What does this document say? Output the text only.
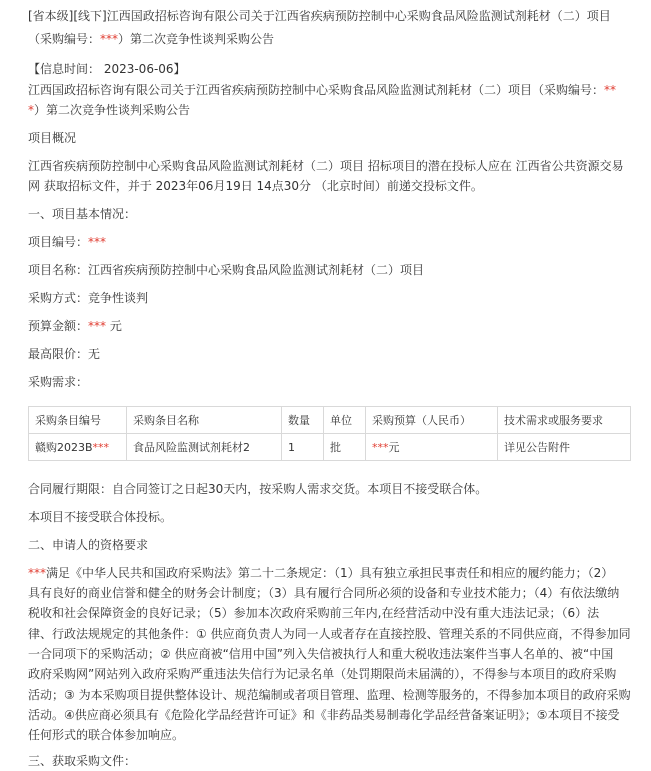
[省本级][线下]江西国政招标咨询有限公司关于江西省疾病预防控制中心采购食品风险监测试剂耗材（二）项目
（采购编号：***）第二次竞争性谈判采购公告
【信息时间： 2023-06-06】
江西国政招标咨询有限公司关于江西省疾病预防控制中心采购食品风险监测试剂耗材（二）项目（采购编号：**
*）第二次竞争性谈判采购公告
项目概况
江西省疾病预防控制中心采购食品风险监测试剂耗材（二）项目 招标项目的潜在投标人应在 江西省公共资源交易
网 获取招标文件，并于 2023年06月19日 14点30分 （北京时间）前递交投标文件。
一、项目基本情况：
项目编号：***
项目名称：江西省疾病预防控制中心采购食品风险监测试剂耗材（二）项目
采购方式：竞争性谈判
预算金额：*** 元
最高限价：无
采购需求：
采购条目编号	采购条目名称	数量	单位	采购预算（人民币）	技术需求或服务要求
赣购2023B***	食品风险监测试剂耗材2	1	批	***元	详见公告附件
合同履行期限：自合同签订之日起30天内，按采购人需求交货。本项目不接受联合体。
本项目不接受联合体投标。
二、申请人的资格要求
***满足《中华人民共和国政府采购法》第二十二条规定：（1）具有独立承担民事责任和相应的履约能力；（2）
具有良好的商业信誉和健全的财务会计制度；（3）具有履行合同所必须的设备和专业技术能力；（4）有依法缴纳
税收和社会保障资金的良好记录；（5）参加本次政府采购前三年内,在经营活动中没有重大违法记录；（6）法
律、行政法规规定的其他条件：① 供应商负责人为同一人或者存在直接控股、管理关系的不同供应商，不得参加同
一合同项下的采购活动；② 供应商被“信用中国”列入失信被执行人和重大税收违法案件当事人名单的、被“中国
政府采购网”网站列入政府采购严重违法失信行为记录名单（处罚期限尚未届满的），不得参与本项目的政府采购
活动；③ 为本采购项目提供整体设计、规范编制或者项目管理、监理、检测等服务的，不得参加本项目的政府采购
活动。④供应商必须具有《危险化学品经营许可证》和《非药品类易制毒化学品经营备案证明》；⑤本项目不接受
任何形式的联合体参加响应。
三、获取采购文件：
